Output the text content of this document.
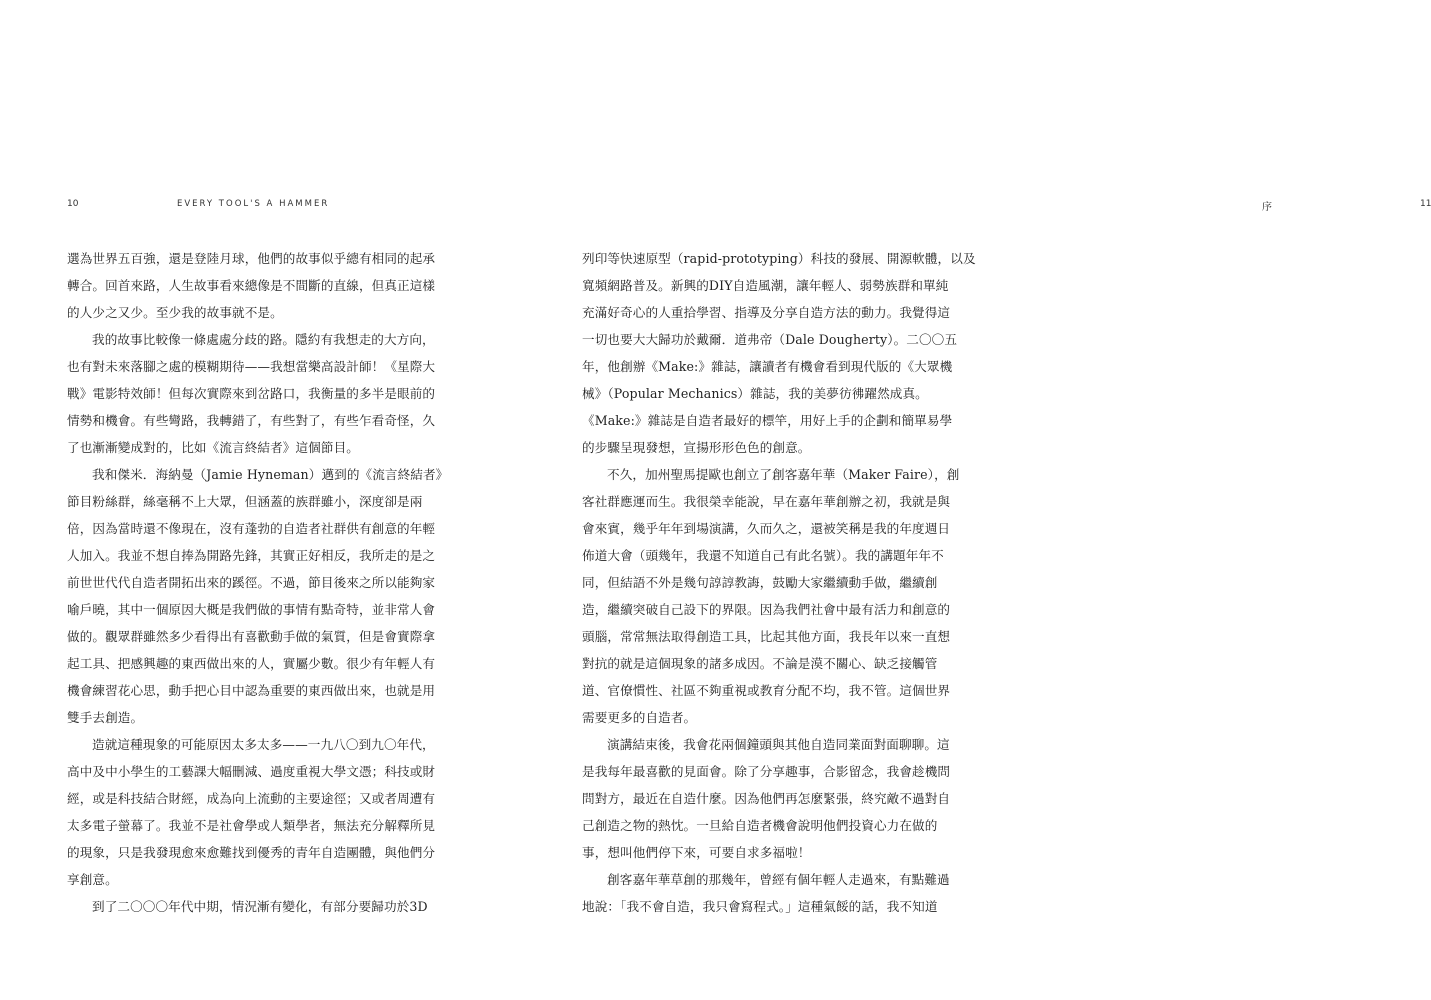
10	EVERY TOOL'S A HAMMER
選為世界五百強，還是登陸月球，他們的故事似乎總有相同的起承
轉合。回首來路，人生故事看來總像是不間斷的直線，但真正這樣
的人少之又少。至少我的故事就不是。
我的故事比較像一條處處分歧的路。隱約有我想走的大方向，
也有對未來落腳之處的模糊期待——我想當樂高設計師！《星際大
戰》電影特效師！但每次實際來到岔路口，我衡量的多半是眼前的
情勢和機會。有些彎路，我轉錯了，有些對了，有些乍看奇怪，久
了也漸漸變成對的，比如《流言終結者》這個節目。
我和傑米．海納曼（Jamie Hyneman）邁到的《流言終結者》
節目粉絲群，絲毫稱不上大眾，但涵蓋的族群雖小，深度卻是兩
倍，因為當時還不像現在，沒有蓬勃的自造者社群供有創意的年輕
人加入。我並不想自捧為開路先鋒，其實正好相反，我所走的是之
前世世代代自造者開拓出來的蹊徑。不過，節目後來之所以能夠家
喻戶曉，其中一個原因大概是我們做的事情有點奇特，並非常人會
做的。觀眾群雖然多少看得出有喜歡動手做的氣質，但是會實際拿
起工具、把感興趣的東西做出來的人，實屬少數。很少有年輕人有
機會練習花心思，動手把心目中認為重要的東西做出來，也就是用
雙手去創造。
造就這種現象的可能原因太多太多——一九八〇到九〇年代，
高中及中小學生的工藝課大幅刪減、過度重視大學文憑；科技或財
經，或是科技結合財經，成為向上流動的主要途徑；又或者周遭有
太多電子螢幕了。我並不是社會學或人類學者，無法充分解釋所見
的現象，只是我發現愈來愈難找到優秀的青年自造團體，與他們分
享創意。
到了二〇〇〇年代中期，情況漸有變化，有部分要歸功於3D
序	11
列印等快速原型（rapid-prototyping）科技的發展、開源軟體，以及
寬頻網路普及。新興的DIY自造風潮，讓年輕人、弱勢族群和單純
充滿好奇心的人重拾學習、指導及分享自造方法的動力。我覺得這
一切也要大大歸功於戴爾．道弗帝（Dale Dougherty）。二〇〇五
年，他創辦《Make:》雜誌，讓讀者有機會看到現代版的《大眾機
械》（Popular Mechanics）雜誌，我的美夢彷彿躍然成真。
《Make:》雜誌是自造者最好的標竿，用好上手的企劃和簡單易學
的步驟呈現發想，宣揚形形色色的創意。
不久，加州聖馬提歐也創立了創客嘉年華（Maker Faire），創
客社群應運而生。我很榮幸能說，早在嘉年華創辦之初，我就是與
會來賓，幾乎年年到場演講，久而久之，還被笑稱是我的年度週日
佈道大會（頭幾年，我還不知道自己有此名號）。我的講題年年不
同，但結語不外是幾句諄諄教誨，鼓勵大家繼續動手做，繼續創
造，繼續突破自己設下的界限。因為我們社會中最有活力和創意的
頭腦，常常無法取得創造工具，比起其他方面，我長年以來一直想
對抗的就是這個現象的諸多成因。不論是漠不關心、缺乏接觸管
道、官僚慣性、社區不夠重視或教育分配不均，我不管。這個世界
需要更多的自造者。
演講結束後，我會花兩個鐘頭與其他自造同業面對面聊聊。這
是我每年最喜歡的見面會。除了分享趣事，合影留念，我會趁機問
問對方，最近在自造什麼。因為他們再怎麼緊張，終究敵不過對自
己創造之物的熱忱。一旦給自造者機會說明他們投資心力在做的
事，想叫他們停下來，可要自求多福啦！
創客嘉年華草創的那幾年，曾經有個年輕人走過來，有點難過
地說：「我不會自造，我只會寫程式。」這種氣餒的話，我不知道
